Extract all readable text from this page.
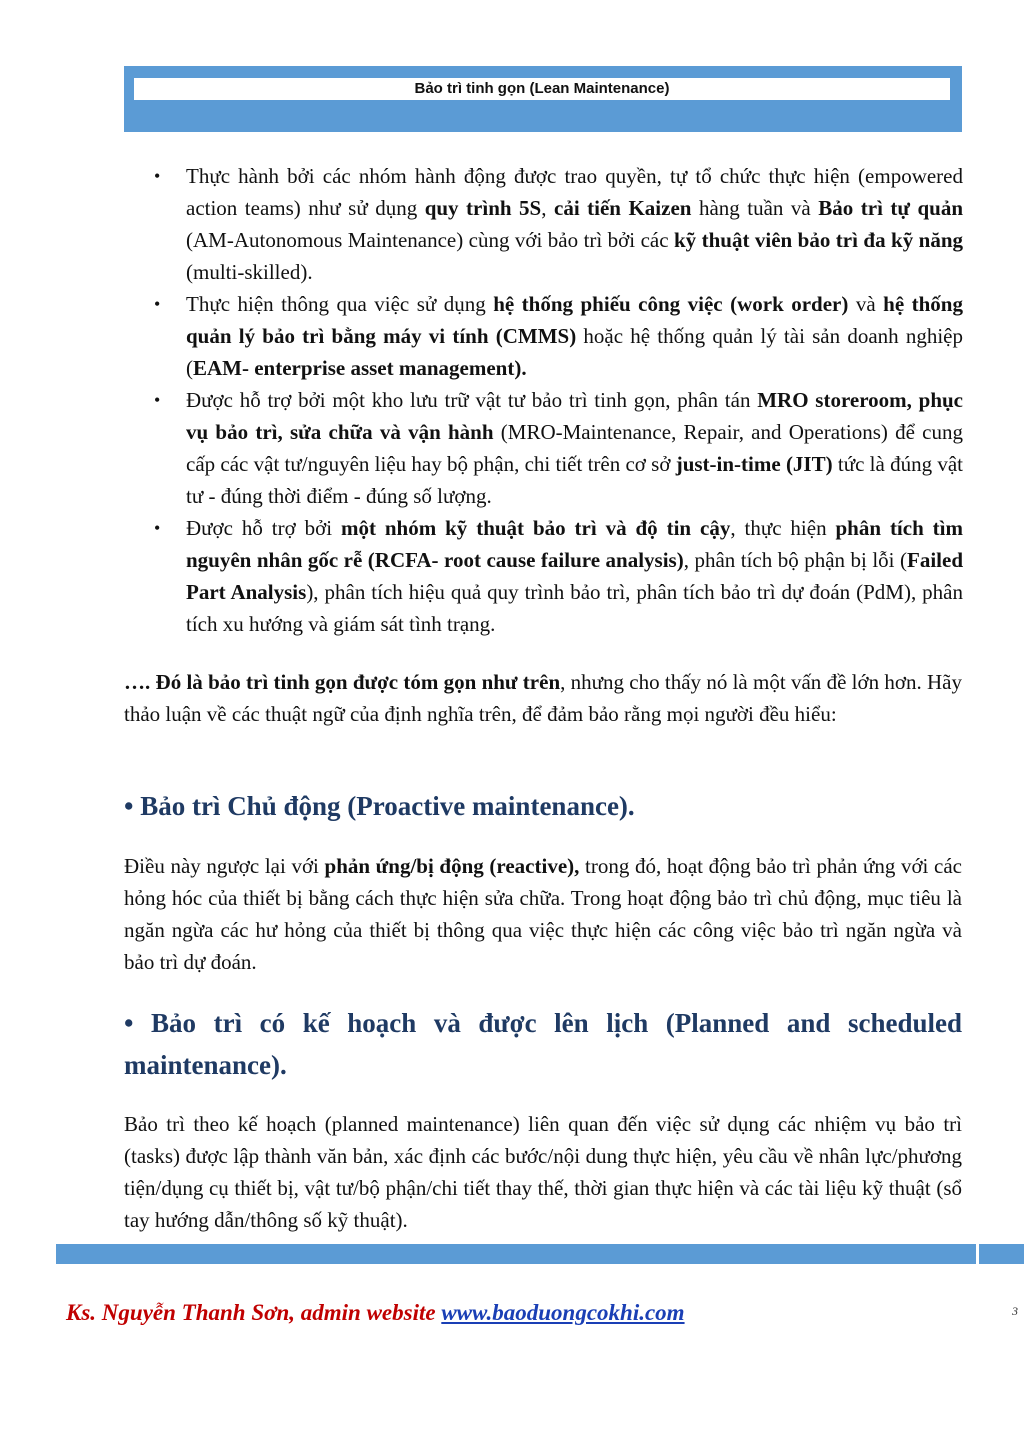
Bảo trì tinh gọn (Lean Maintenance)
• Thực hành bởi các nhóm hành động được trao quyền, tự tổ chức thực hiện (empowered action teams) như sử dụng quy trình 5S, cải tiến Kaizen hàng tuần và Bảo trì tự quản (AM-Autonomous Maintenance) cùng với bảo trì bởi các kỹ thuật viên bảo trì đa kỹ năng (multi-skilled).
• Thực hiện thông qua việc sử dụng hệ thống phiếu công việc (work order) và hệ thống quản lý bảo trì bằng máy vi tính (CMMS) hoặc hệ thống quản lý tài sản doanh nghiệp (EAM- enterprise asset management).
• Được hỗ trợ bởi một kho lưu trữ vật tư bảo trì tinh gọn, phân tán MRO storeroom, phục vụ bảo trì, sửa chữa và vận hành (MRO-Maintenance, Repair, and Operations) để cung cấp các vật tư/nguyên liệu hay bộ phận, chi tiết trên cơ sở just-in-time (JIT) tức là đúng vật tư - đúng thời điểm - đúng số lượng.
• Được hỗ trợ bởi một nhóm kỹ thuật bảo trì và độ tin cậy, thực hiện phân tích tìm nguyên nhân gốc rễ (RCFA- root cause failure analysis), phân tích bộ phận bị lỗi (Failed Part Analysis), phân tích hiệu quả quy trình bảo trì, phân tích bảo trì dự đoán (PdM), phân tích xu hướng và giám sát tình trạng.
…. Đó là bảo trì tinh gọn được tóm gọn như trên, nhưng cho thấy nó là một vấn đề lớn hơn. Hãy thảo luận về các thuật ngữ của định nghĩa trên, để đảm bảo rằng mọi người đều hiểu:
• Bảo trì Chủ động (Proactive maintenance).
Điều này ngược lại với phản ứng/bị động (reactive), trong đó, hoạt động bảo trì phản ứng với các hỏng hóc của thiết bị bằng cách thực hiện sửa chữa. Trong hoạt động bảo trì chủ động, mục tiêu là ngăn ngừa các hư hỏng của thiết bị thông qua việc thực hiện các công việc bảo trì ngăn ngừa và bảo trì dự đoán.
• Bảo trì có kế hoạch và được lên lịch (Planned and scheduled maintenance).
Bảo trì theo kế hoạch (planned maintenance) liên quan đến việc sử dụng các nhiệm vụ bảo trì (tasks) được lập thành văn bản, xác định các bước/nội dung thực hiện, yêu cầu về nhân lực/phương tiện/dụng cụ thiết bị, vật tư/bộ phận/chi tiết thay thế, thời gian thực hiện và các tài liệu kỹ thuật (sổ tay hướng dẫn/thông số kỹ thuật).
Ks. Nguyễn Thanh Sơn, admin website www.baoduongcokhi.com	3
